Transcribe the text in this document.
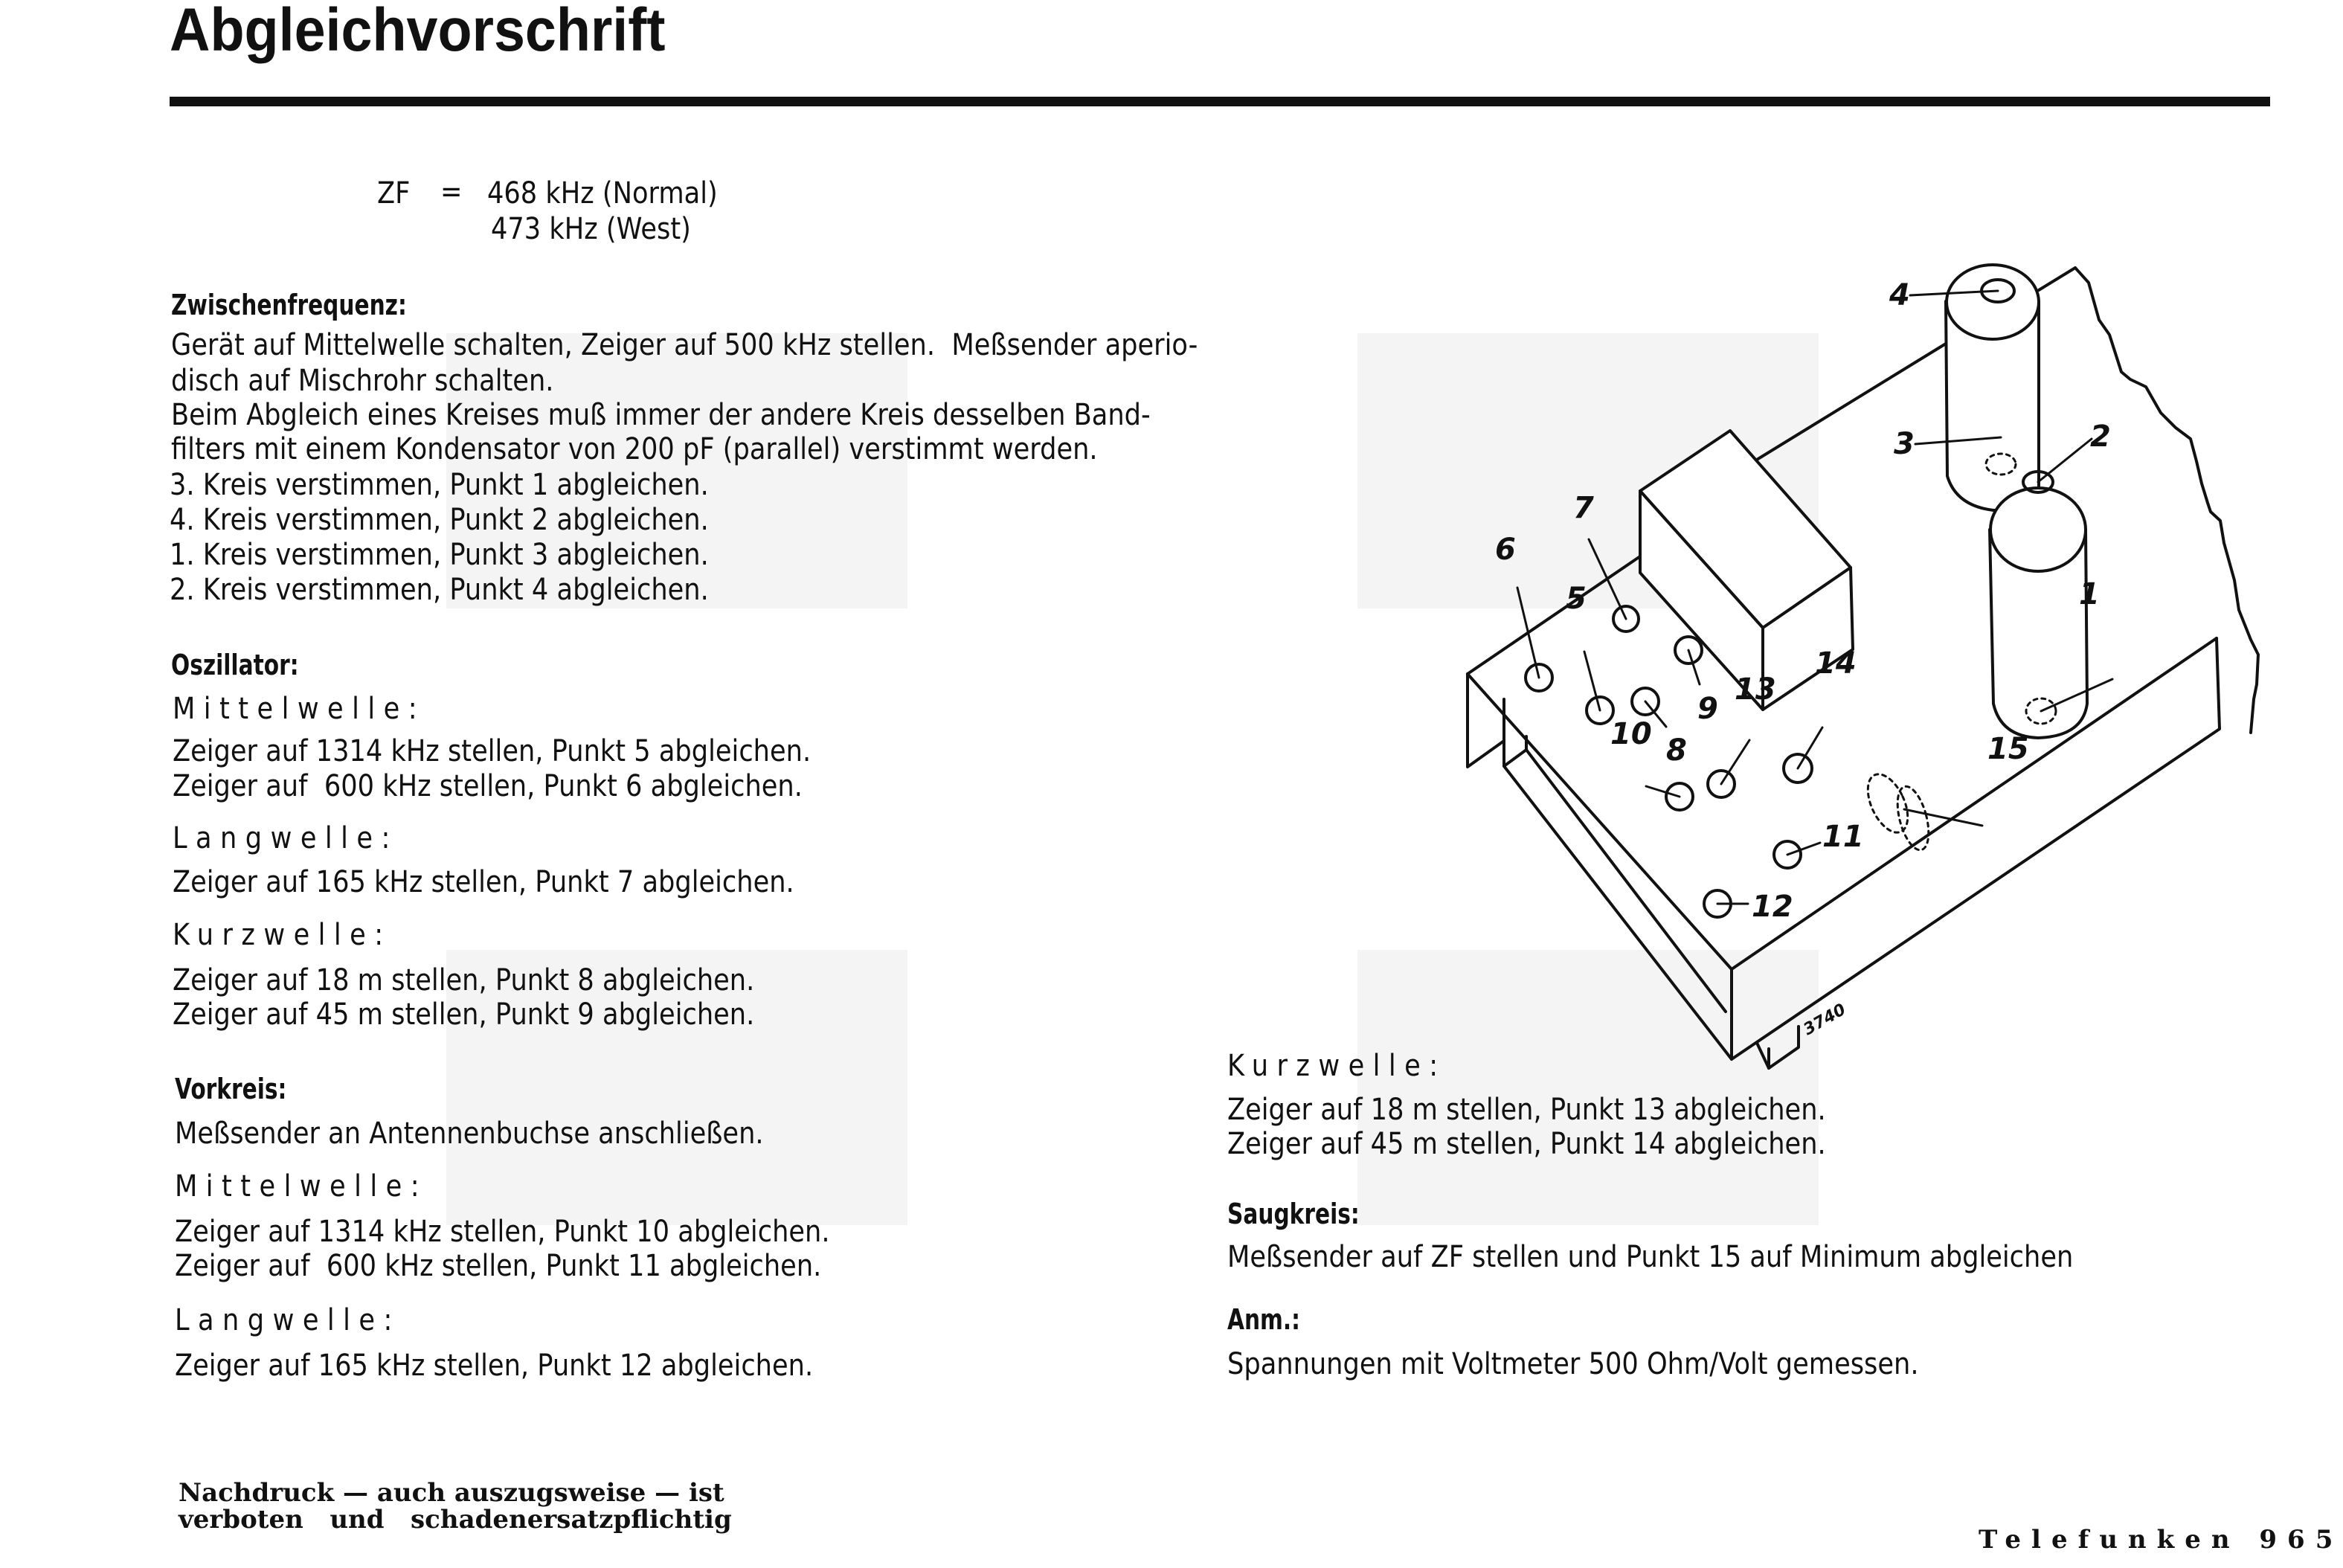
Abgleichvorschrift
ZF = 468 kHz (Normal)
473 kHz (West)
Zwischenfrequenz:
Gerät auf Mittelwelle schalten, Zeiger auf 500 kHz stellen.  Meßsender aperio-
disch auf Mischrohr schalten.
Beim Abgleich eines Kreises muß immer der andere Kreis desselben Band-
filters mit einem Kondensator von 200 pF (parallel) verstimmt werden.
3. Kreis verstimmen, Punkt 1 abgleichen.
4. Kreis verstimmen, Punkt 2 abgleichen.
1. Kreis verstimmen, Punkt 3 abgleichen.
2. Kreis verstimmen, Punkt 4 abgleichen.
Oszillator:
Mittelwelle:
Zeiger auf 1314 kHz stellen, Punkt 5 abgleichen.
Zeiger auf  600 kHz stellen, Punkt 6 abgleichen.
Langwelle:
Zeiger auf 165 kHz stellen, Punkt 7 abgleichen.
Kurzwelle:
Zeiger auf 18 m stellen, Punkt 8 abgleichen.
Zeiger auf 45 m stellen, Punkt 9 abgleichen.
Vorkreis:
Meßsender an Antennenbuchse anschließen.
Mittelwelle:
Zeiger auf 1314 kHz stellen, Punkt 10 abgleichen.
Zeiger auf  600 kHz stellen, Punkt 11 abgleichen.
Langwelle:
Zeiger auf 165 kHz stellen, Punkt 12 abgleichen.
Kurzwelle:
Zeiger auf 18 m stellen, Punkt 13 abgleichen.
Zeiger auf 45 m stellen, Punkt 14 abgleichen.
Saugkreis:
Meßsender auf ZF stellen und Punkt 15 auf Minimum abgleichen
Anm.:
Spannungen mit Voltmeter 500 Ohm/Volt gemessen.
Nachdruck — auch auszugsweise — ist
verboten   und   schadenersatzpflichtig
Telefunken 965
1
2
3
4
5
6
7
8
9
10
11
12
13
14
15
3740
